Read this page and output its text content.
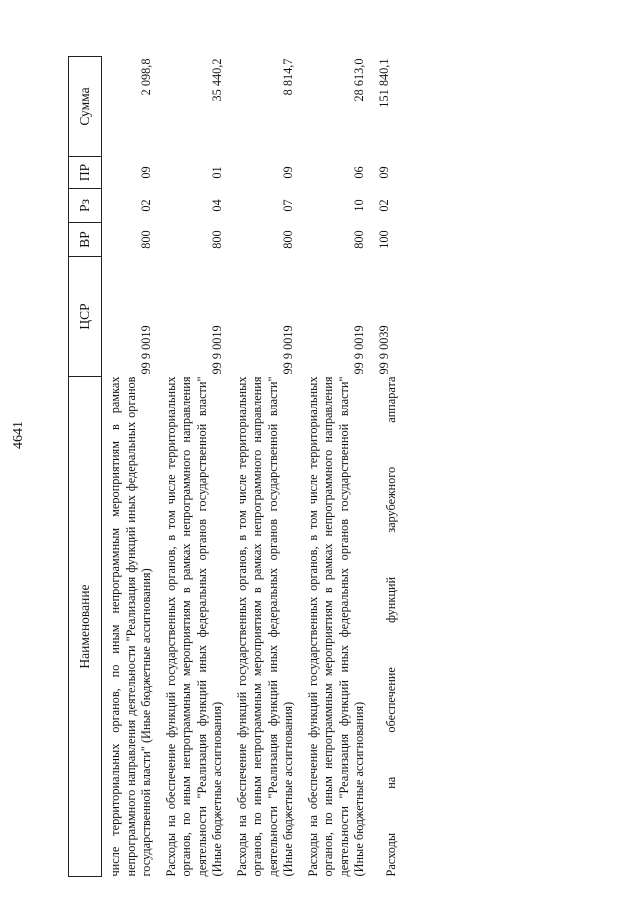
4641
Наименование	ЦСР	ВР	Рз	ПР	Сумма
числе территориальных органов, по иным непрограммным мероприятиям в рамках непрограммного направления деятельности "Реализация функций иных федеральных органов государственной власти" (Иные бюджетные ассигнования)	99 9 0019	800	02	09	2 098,8
Расходы на обеспечение функций государственных органов, в том числе территориальных органов, по иным непрограммным мероприятиям в рамках непрограммного направления деятельности "Реализация функций иных федеральных органов государственной власти" (Иные бюджетные ассигнования)	99 9 0019	800	04	01	35 440,2
Расходы на обеспечение функций государственных органов, в том числе территориальных органов, по иным непрограммным мероприятиям в рамках непрограммного направления деятельности "Реализация функций иных федеральных органов государственной власти" (Иные бюджетные ассигнования)	99 9 0019	800	07	09	8 814,7
Расходы на обеспечение функций государственных органов, в том числе территориальных органов, по иным непрограммным мероприятиям в рамках непрограммного направления деятельности "Реализация функций иных федеральных органов государственной власти" (Иные бюджетные ассигнования)	99 9 0019	800	10	06	28 613,0
Расходы на обеспечение функций зарубежного аппарата	99 9 0039	100	02	09	151 840,1
